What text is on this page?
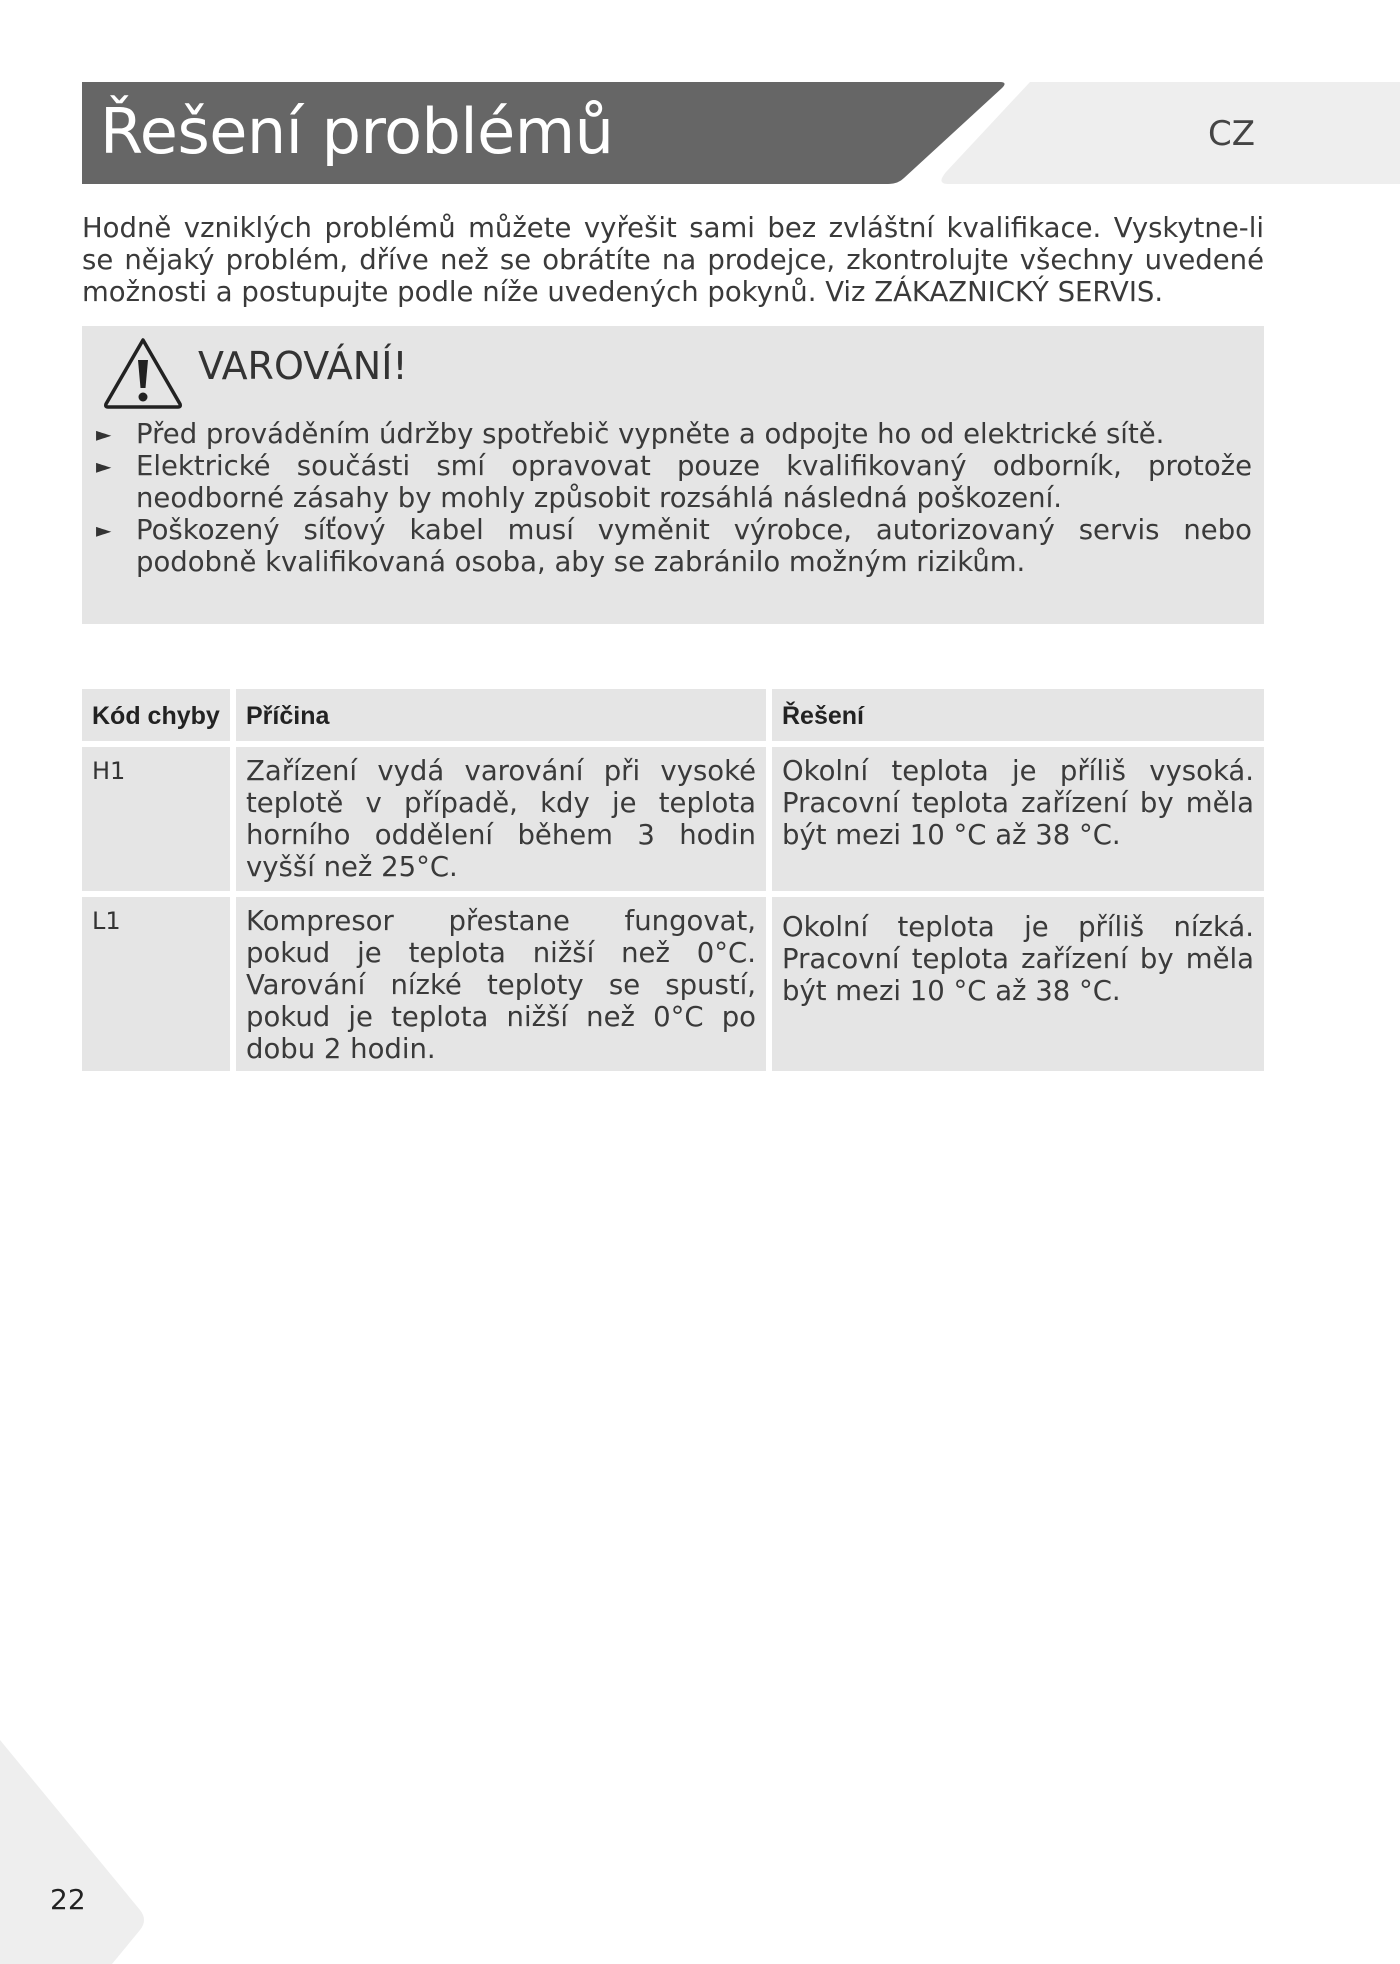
Řešení problémů	CZ

Hodně vzniklých problémů můžete vyřešit sami bez zvláštní kvalifikace. Vyskytne-li se nějaký problém, dříve než se obrátíte na prodejce, zkontrolujte všechny uvedené možnosti a postupujte podle níže uvedených pokynů. Viz ZÁKAZNICKÝ SERVIS.

VAROVÁNÍ!
► Před prováděním údržby spotřebič vypněte a odpojte ho od elektrické sítě.
► Elektrické součásti smí opravovat pouze kvalifikovaný odborník, protože neodborné zásahy by mohly způsobit rozsáhlá následná poškození.
► Poškozený síťový kabel musí vyměnit výrobce, autorizovaný servis nebo podobně kvalifikovaná osoba, aby se zabránilo možným rizikům.
Kód chyby	Příčina	Řešení
H1	Zařízení vydá varování při vysoké teplotě v případě, kdy je teplota horního oddělení během 3 hodin vyšší než 25°C.	Okolní teplota je příliš vysoká. Pracovní teplota zařízení by měla být mezi 10 °C až 38 °C.
L1	Kompresor přestane fungovat, pokud je teplota nižší než 0°C. Varování nízké teploty se spustí, pokud je teplota nižší než 0°C po dobu 2 hodin.	Okolní teplota je příliš nízká. Pracovní teplota zařízení by měla být mezi 10 °C až 38 °C.
22
